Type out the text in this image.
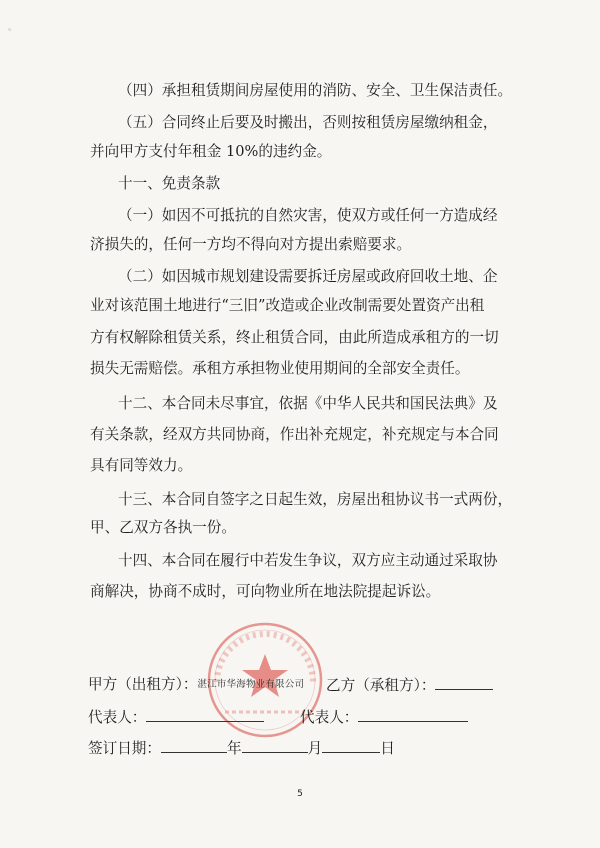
。
（四）承担租赁期间房屋使用的消防、安全、卫生保洁责任。
（五）合同终止后要及时搬出，否则按租赁房屋缴纳租金，
并向甲方支付年租金 10%的违约金。
十一、免责条款
（一）如因不可抵抗的自然灾害，使双方或任何一方造成经
济损失的，任何一方均不得向对方提出索赔要求。
（二）如因城市规划建设需要拆迁房屋或政府回收土地、企
业对该范围土地进行“三旧”改造或企业改制需要处置资产出租
方有权解除租赁关系，终止租赁合同，由此所造成承租方的一切
损失无需赔偿。承租方承担物业使用期间的全部安全责任。
十二、本合同未尽事宜，依据《中华人民共和国民法典》及
有关条款，经双方共同协商，作出补充规定，补充规定与本合同
具有同等效力。
十三、本合同自签字之日起生效，房屋出租协议书一式两份，
甲、乙双方各执一份。
十四、本合同在履行中若发生争议，双方应主动通过采取协
商解决，协商不成时，可向物业所在地法院提起诉讼。
甲方（出租方）：湛江市华海物业有限公司 乙方（承租方）：
代表人：	代表人：
签订日期：	年	月	日
5
